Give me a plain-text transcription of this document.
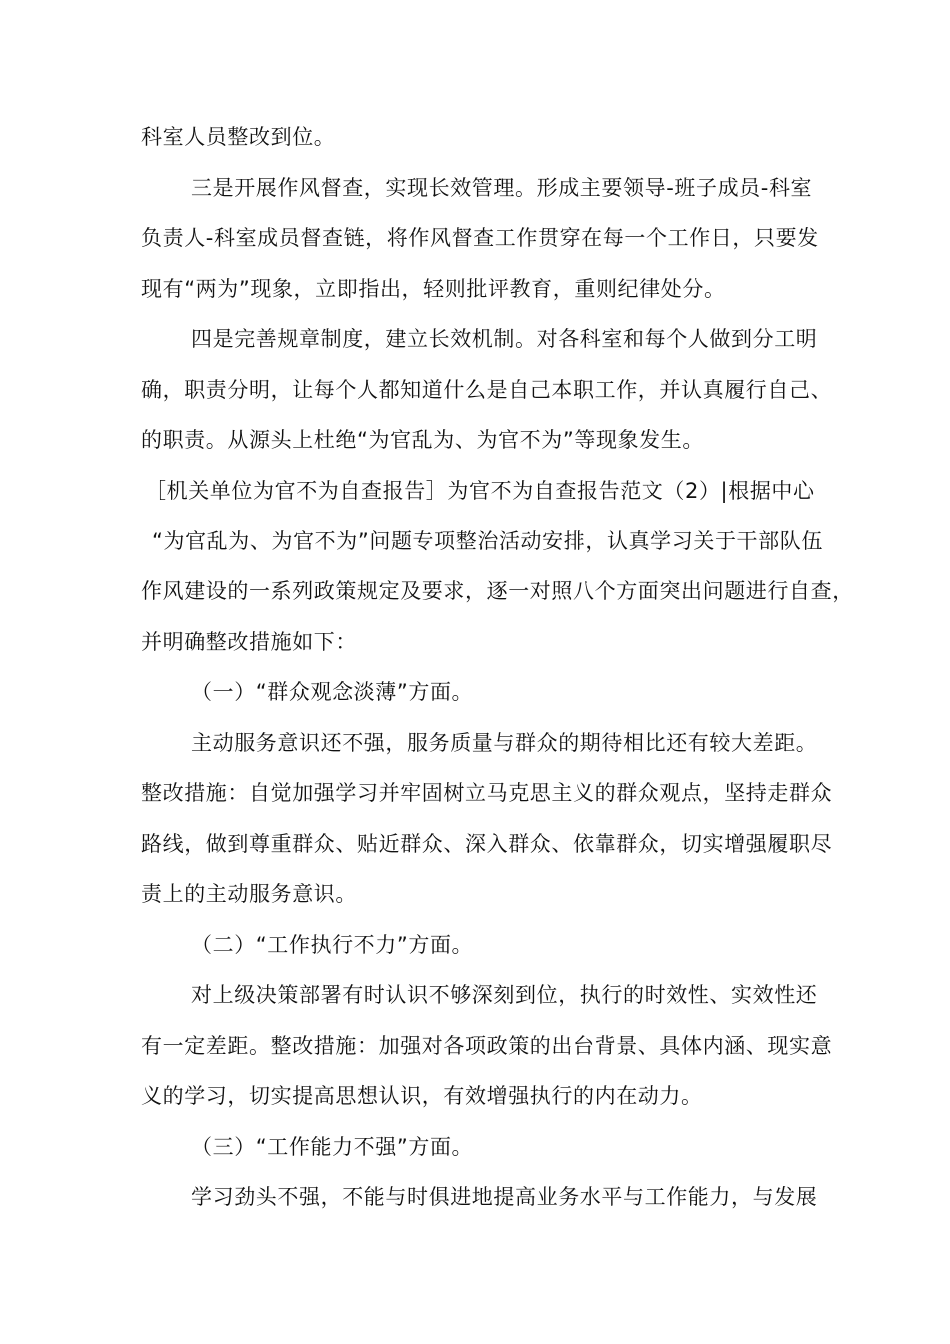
科室人员整改到位。
三是开展作风督查，实现长效管理。形成主要领导-班子成员-科室
负责人-科室成员督查链，将作风督查工作贯穿在每一个工作日，只要发
现有“两为”现象，立即指出，轻则批评教育，重则纪律处分。
四是完善规章制度，建立长效机制。对各科室和每个人做到分工明
确，职责分明，让每个人都知道什么是自己本职工作，并认真履行自己、
的职责。从源头上杜绝“为官乱为、为官不为”等现象发生。
［机关单位为官不为自查报告］为官不为自查报告范文（2）|根据中心
“为官乱为、为官不为”问题专项整治活动安排，认真学习关于干部队伍
作风建设的一系列政策规定及要求，逐一对照八个方面突出问题进行自查，
并明确整改措施如下：
（一）“群众观念淡薄”方面。
主动服务意识还不强，服务质量与群众的期待相比还有较大差距。
整改措施：自觉加强学习并牢固树立马克思主义的群众观点，坚持走群众
路线，做到尊重群众、贴近群众、深入群众、依靠群众，切实增强履职尽
责上的主动服务意识。
（二）“工作执行不力”方面。
对上级决策部署有时认识不够深刻到位，执行的时效性、实效性还
有一定差距。整改措施：加强对各项政策的出台背景、具体内涵、现实意
义的学习，切实提高思想认识，有效增强执行的内在动力。
（三）“工作能力不强”方面。
学习劲头不强，不能与时俱进地提高业务水平与工作能力，与发展
